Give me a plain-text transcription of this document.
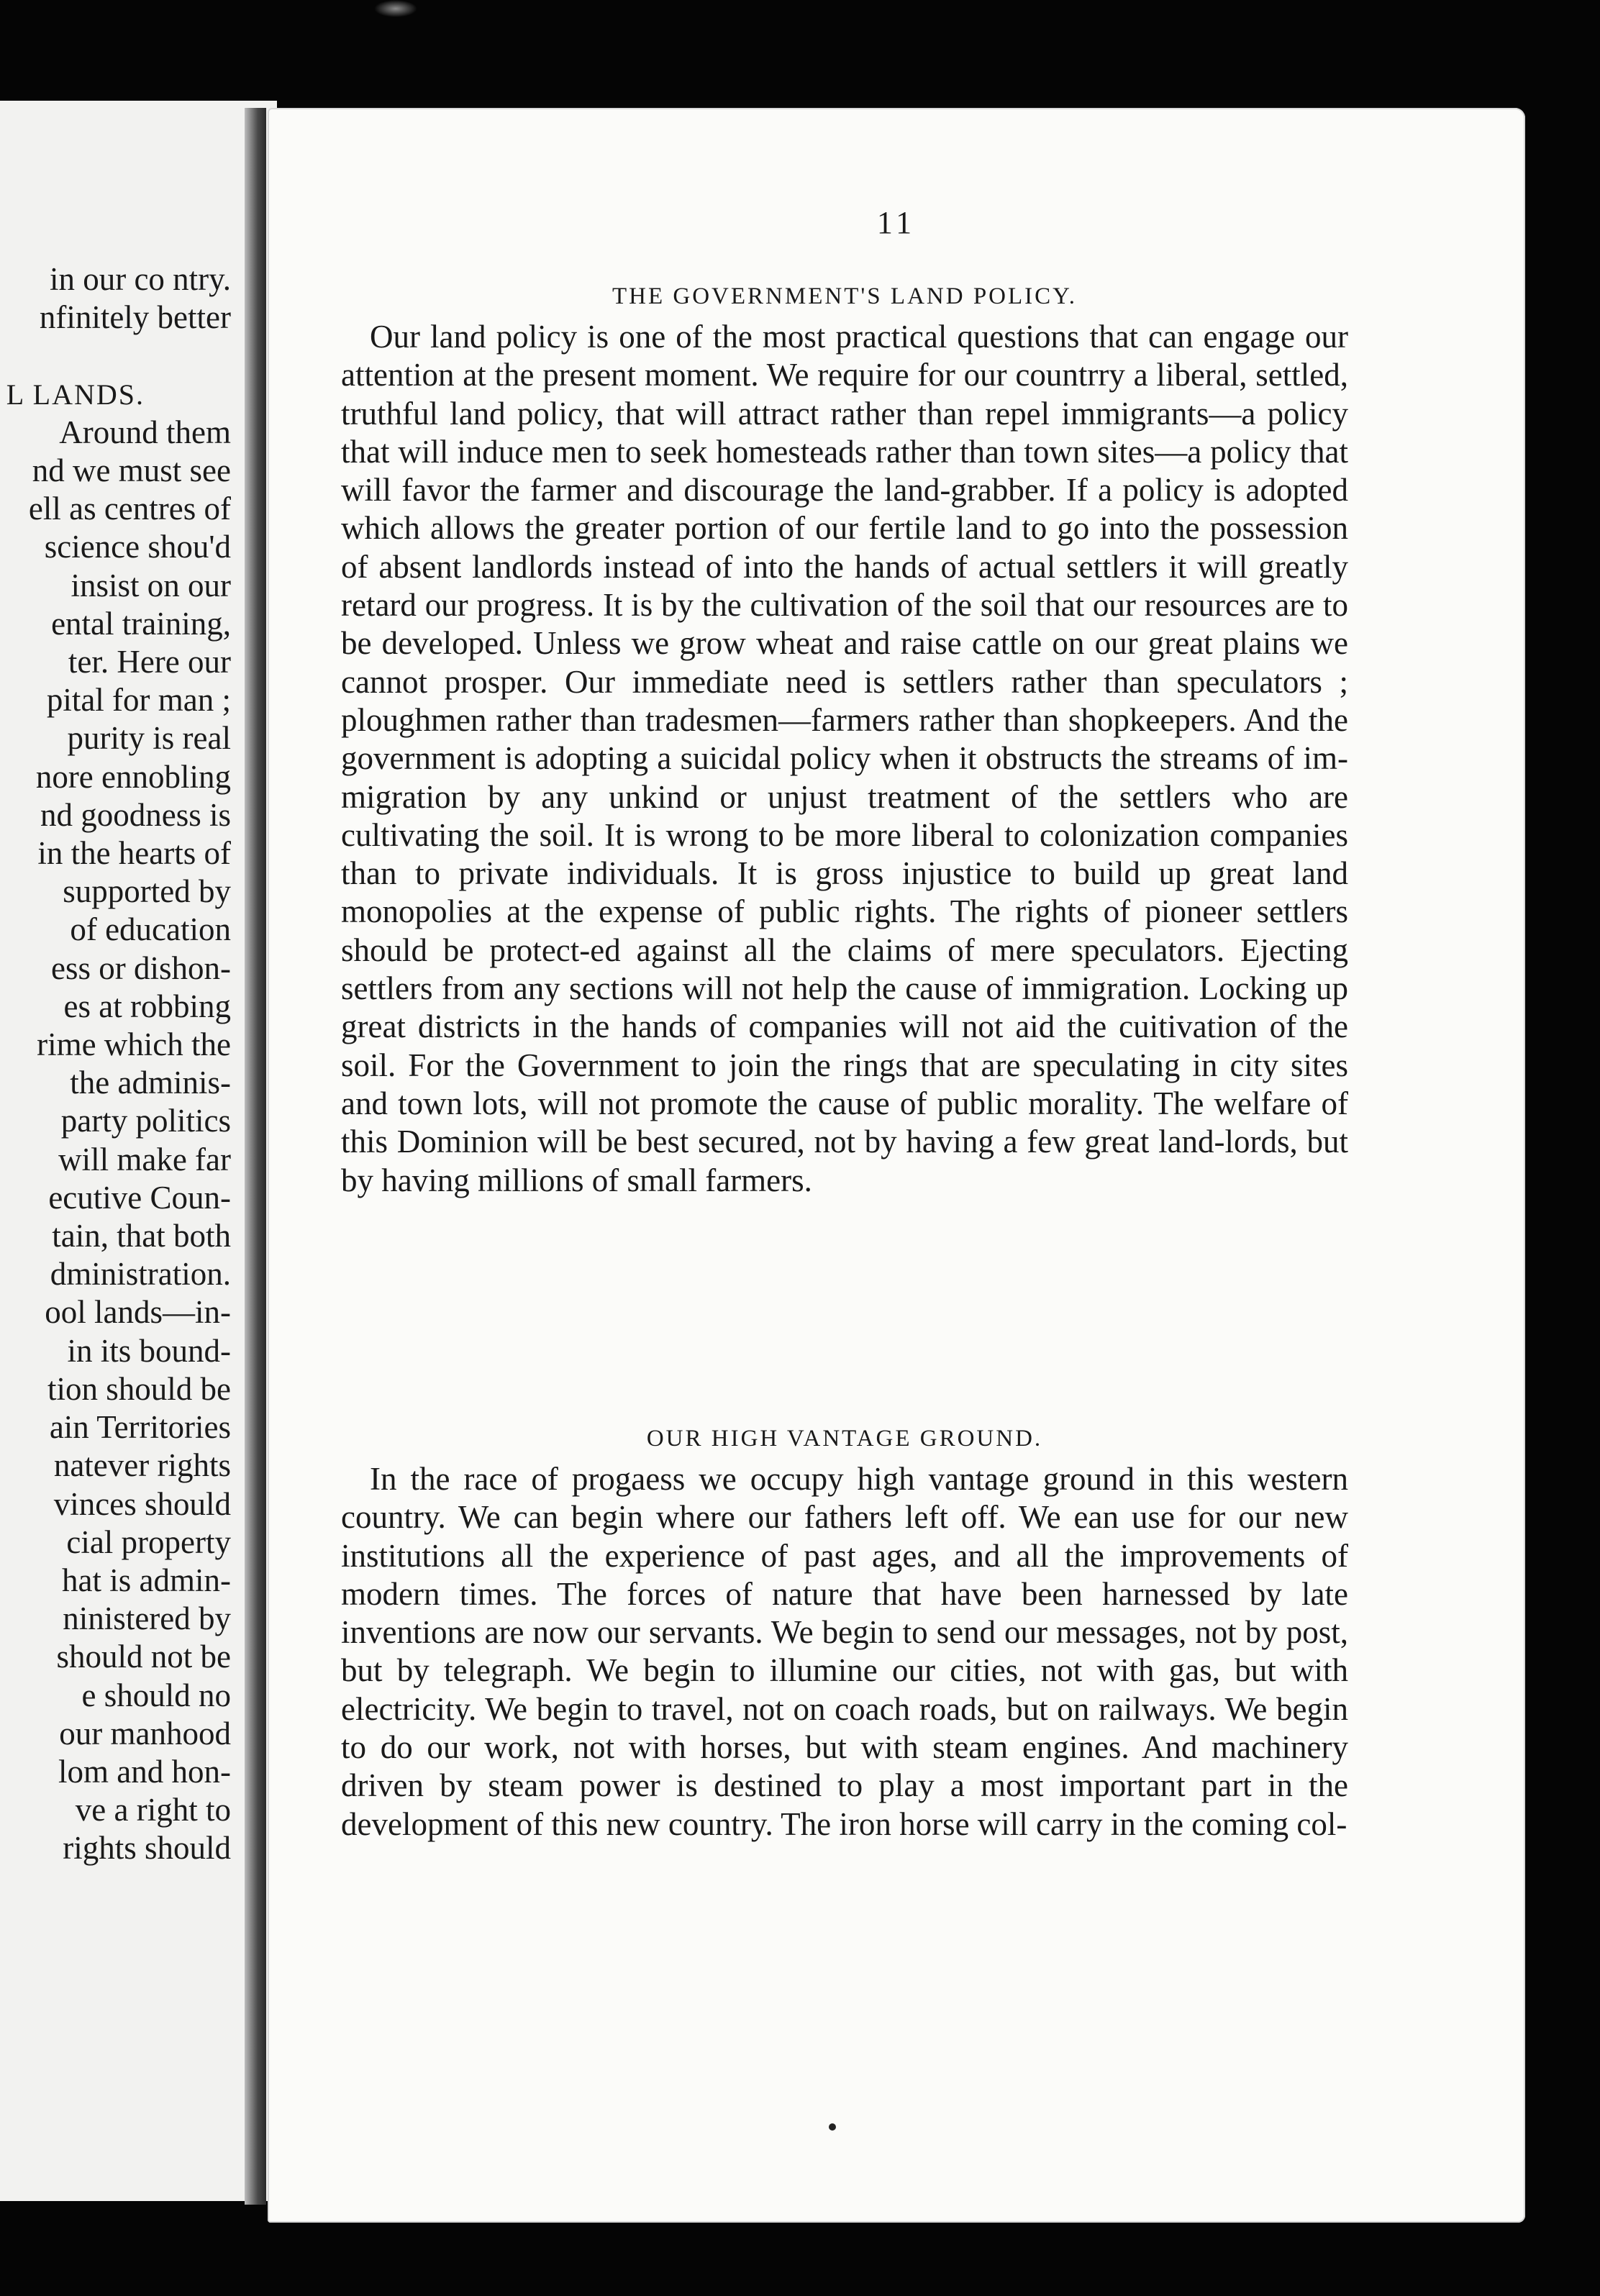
in our co ntry.
nfinitely better

L LANDS.
Around them
nd we must see
ell as centres of
science shou'd
insist on our
ental training,
ter. Here our
pital for man ;
purity is real
nore ennobling
nd goodness is
in the hearts of
supported by
of education
ess or dishon-
es at robbing
rime which the
the adminis-
party politics
will make far
ecutive Coun-
tain, that both
dministration.
ool lands—in-
in its bound-
tion should be
ain Territories
natever rights
vinces should
cial property
hat is admin-
ninistered by
should not be
e should no
our manhood
lom and hon-
ve a right to
rights should
11
THE GOVERNMENT'S LAND POLICY.

Our land policy is one of the most practical questions that can engage our attention at the present moment. We require for our countrry a liberal, settled, truthful land policy, that will attract rather than repel immigrants—a policy that will induce men to seek homesteads rather than town sites—a policy that will favor the farmer and discourage the land-grabber. If a policy is adopted which allows the greater portion of our fertile land to go into the possession of absent landlords instead of into the hands of actual settlers it will greatly retard our progress. It is by the cultivation of the soil that our resources are to be developed. Unless we grow wheat and raise cattle on our great plains we cannot prosper. Our immediate need is settlers rather than speculators ; ploughmen rather than tradesmen—farmers rather than shopkeepers. And the government is adopting a suicidal policy when it obstructs the streams of im-migration by any unkind or unjust treatment of the settlers who are cultivating the soil. It is wrong to be more liberal to colonization companies than to private individuals. It is gross injustice to build up great land monopolies at the expense of public rights. The rights of pioneer settlers should be protect-ed against all the claims of mere speculators. Ejecting settlers from any sections will not help the cause of immigration. Locking up great districts in the hands of companies will not aid the cuitivation of the soil. For the Government to join the rings that are speculating in city sites and town lots, will not promote the cause of public morality. The welfare of this Dominion will be best secured, not by having a few great land-lords, but by having millions of small farmers.

OUR HIGH VANTAGE GROUND.

In the race of progaess we occupy high vantage ground in this western country. We can begin where our fathers left off. We ean use for our new institutions all the experience of past ages, and all the improvements of modern times. The forces of nature that have been harnessed by late inventions are now our servants. We begin to send our messages, not by post, but by telegraph. We begin to illumine our cities, not with gas, but with electricity. We begin to travel, not on coach roads, but on railways. We begin to do our work, not with horses, but with steam engines. And machinery driven by steam power is destined to play a most important part in the development of this new country. The iron horse will carry in the coming col-
